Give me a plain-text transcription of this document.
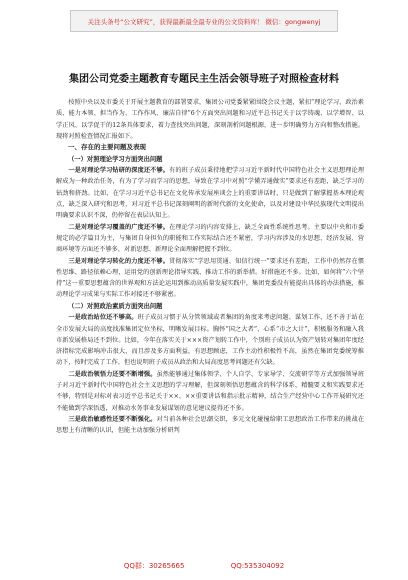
关注头条号“公文研究”，获得最新最全最专业的公文资料库！ 微信：gongwenyj
集团公司党委主题教育专题民主生活会领导班子对照检查材料

按照中央以及市委关于开展主题教育的部署要求，集团公司党委紧紧围绕会议主题，紧扣“理论学习、政治素质、能力本领、担当作为、工作作风、廉洁自律”6个方面突出问题和习近平总书记关于以学铸魂、以学增智、以学正风、以学促干的12条具体要求，着力查找突出问题，深刻剖析问题根源，进一步明确努力方向和整改措施。现将对照检查情况汇报如下。

一、存在的主要问题及表现

（一）对照理论学习方面突出问题

一是对理论学习钻研的深度还不够。有的班子成员秉持地把学习习近平新时代中国特色社会主义思想理论理解成为一种政治任务，有为了学习而学习的思想，导致在学习中对照“学懂弄通做实”要求还有差距，缺乏学习的钻劲和挤劲。比如，在学习习近平总书记在文化传承发展座谈会上的重要讲话时，只是做到了解掌握基本理论观点，缺乏深入研究和思考，对习近平总书记深刻阐明的新时代新的文化使命，以及对建设中华民族现代文明提出明确要求认识不深，仍停留在表层认知上。

二是对理论学习覆盖的广度还不够。在理论学习的内容安排上，缺乏全面性系统性思考。主要以中央和市委规定的必学篇目为主，与集团自身担负的职能和工作实际结合还不紧密，学习内容涉及的水思想、经济发展、营商环境等方面还不够多，对新思想、新理论全面理解把握不到位。

三是对理论学习转化的力度还不够。贯彻落实“学思用贯通、知信行统一”要求还有差距，工作中仍然存在惯性思维、路径依赖心理，运用党的创新理论指导实践、推动工作的新举措。好措施还不多。比如，如何将“六个坚持”这一重要思想蕴含的世界观和方法论运用到推动高质量发展实践中，集团党委没有能提出具体的办法措施，推动理论学习成果与实际工作对接还不够紧密。

（二）对照政治素质方面突出问题

一是政治站位还不够高。班子成员习惯于从分管领域或者集团的角度来考虑问题、谋划工作，还不善于站在全市发展大局的高度找准集团定位坐标，明晰发展目标。胸怀“国之大者”、心系“市之大计”，积极服务和融入我市新发展格局还不到位。比如，今年在落实关于×××资产划转工作中，个别班子成员认为资产划转对集团年度经济指标完成影响冲击很大，而且涉及多方面利益，有思想顾虑，工作主动性积极性不高，虽然在集团党委统筹推动下，按时完成了工作，但也说明班子成员从政治和大局高度思考问题还有欠缺。

二是政治领悟力还要不断增强。虽然能够通过集体领学、个人自学、专家导学、交流研学等方式加强领导班子对习近平新时代中国特色社会主义思想的学习理解，但深刻领悟思想蕴含的科学体系、精髓要义和实践要求还不够，特别是对标对表习近平总书记关于××、××重要讲话和指示批示精神，结合生产经营中心工作开展研究还不能做到学深悟透，对推动水务事业发展谋划的意见建议提得还不多。

三是政治敏感性还要不断强化。对当前各种社会思潮交织，多元文化碰撞给职工思想政治工作带来的挑战在思想上有清晰的认识，但能主动加强分析研判

QQ群：30265665	QQ:535304092
